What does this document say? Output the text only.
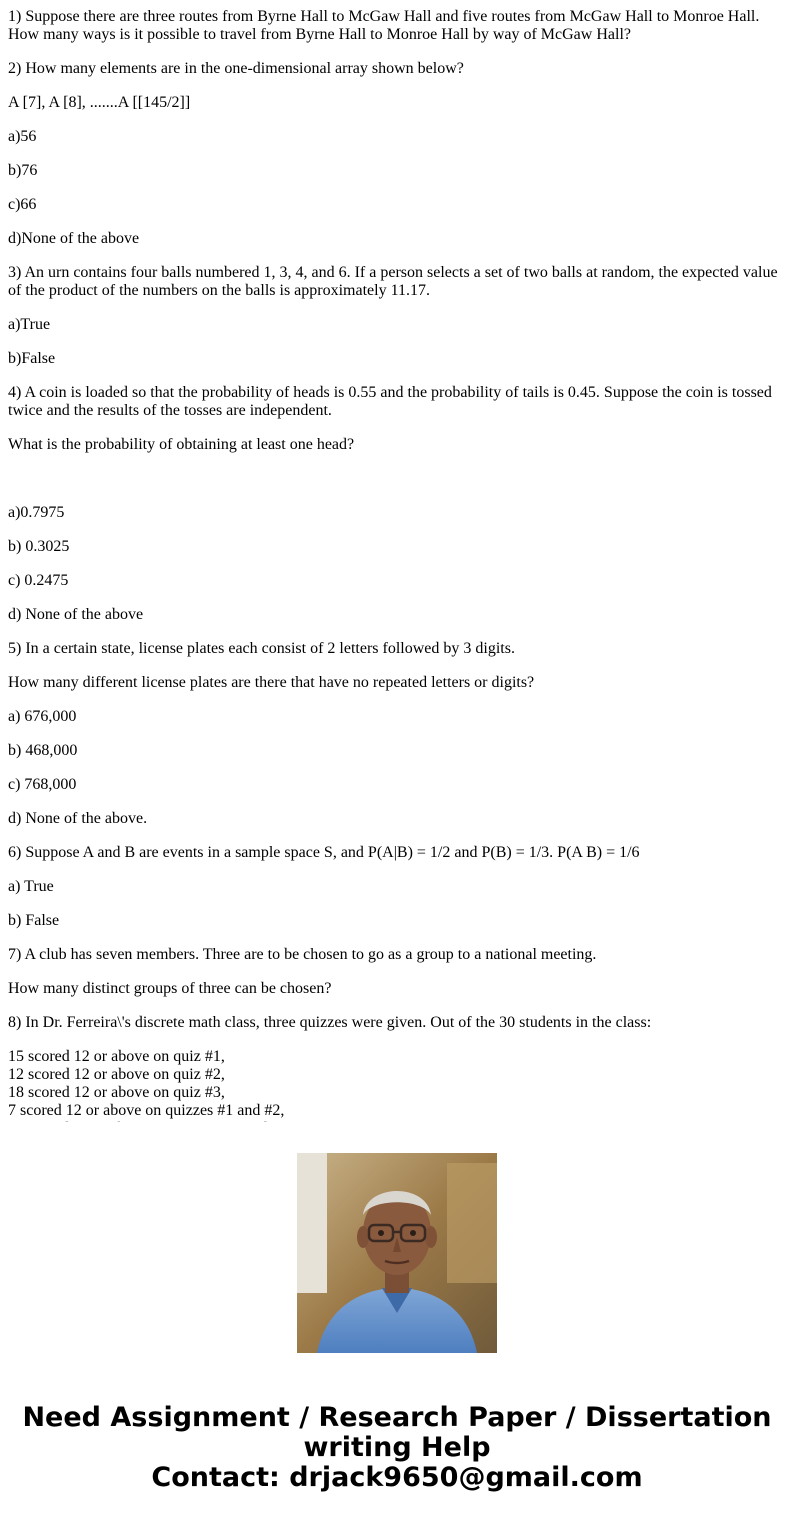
1) Suppose there are three routes from Byrne Hall to McGaw Hall and five routes from McGaw Hall to Monroe Hall.
How many ways is it possible to travel from Byrne Hall to Monroe Hall by way of McGaw Hall?

2) How many elements are in the one-dimensional array shown below?

A [7], A [8], .......A [[145/2]]

a)56

b)76

c)66

d)None of the above

3) An urn contains four balls numbered 1, 3, 4, and 6. If a person selects a set of two balls at random, the expected value
of the product of the numbers on the balls is approximately 11.17.

a)True

b)False

4) A coin is loaded so that the probability of heads is 0.55 and the probability of tails is 0.45. Suppose the coin is tossed
twice and the results of the tosses are independent.

What is the probability of obtaining at least one head?

a)0.7975

b) 0.3025

c) 0.2475

d) None of the above

5) In a certain state, license plates each consist of 2 letters followed by 3 digits.

How many different license plates are there that have no repeated letters or digits?

a) 676,000

b) 468,000

c) 768,000

d) None of the above.

6) Suppose A and B are events in a sample space S, and P(A|B) = 1/2 and P(B) = 1/3. P(A B) = 1/6

a) True

b) False

7) A club has seven members. Three are to be chosen to go as a group to a national meeting.

How many distinct groups of three can be chosen?

8) In Dr. Ferreira\'s discrete math class, three quizzes were given. Out of the 30 students in the class:

15 scored 12 or above on quiz #1,
12 scored 12 or above on quiz #2,
18 scored 12 or above on quiz #3,
7 scored 12 or above on quizzes #1 and #2,

Need Assignment / Research Paper / Dissertation
writing Help
Contact: drjack9650@gmail.com
